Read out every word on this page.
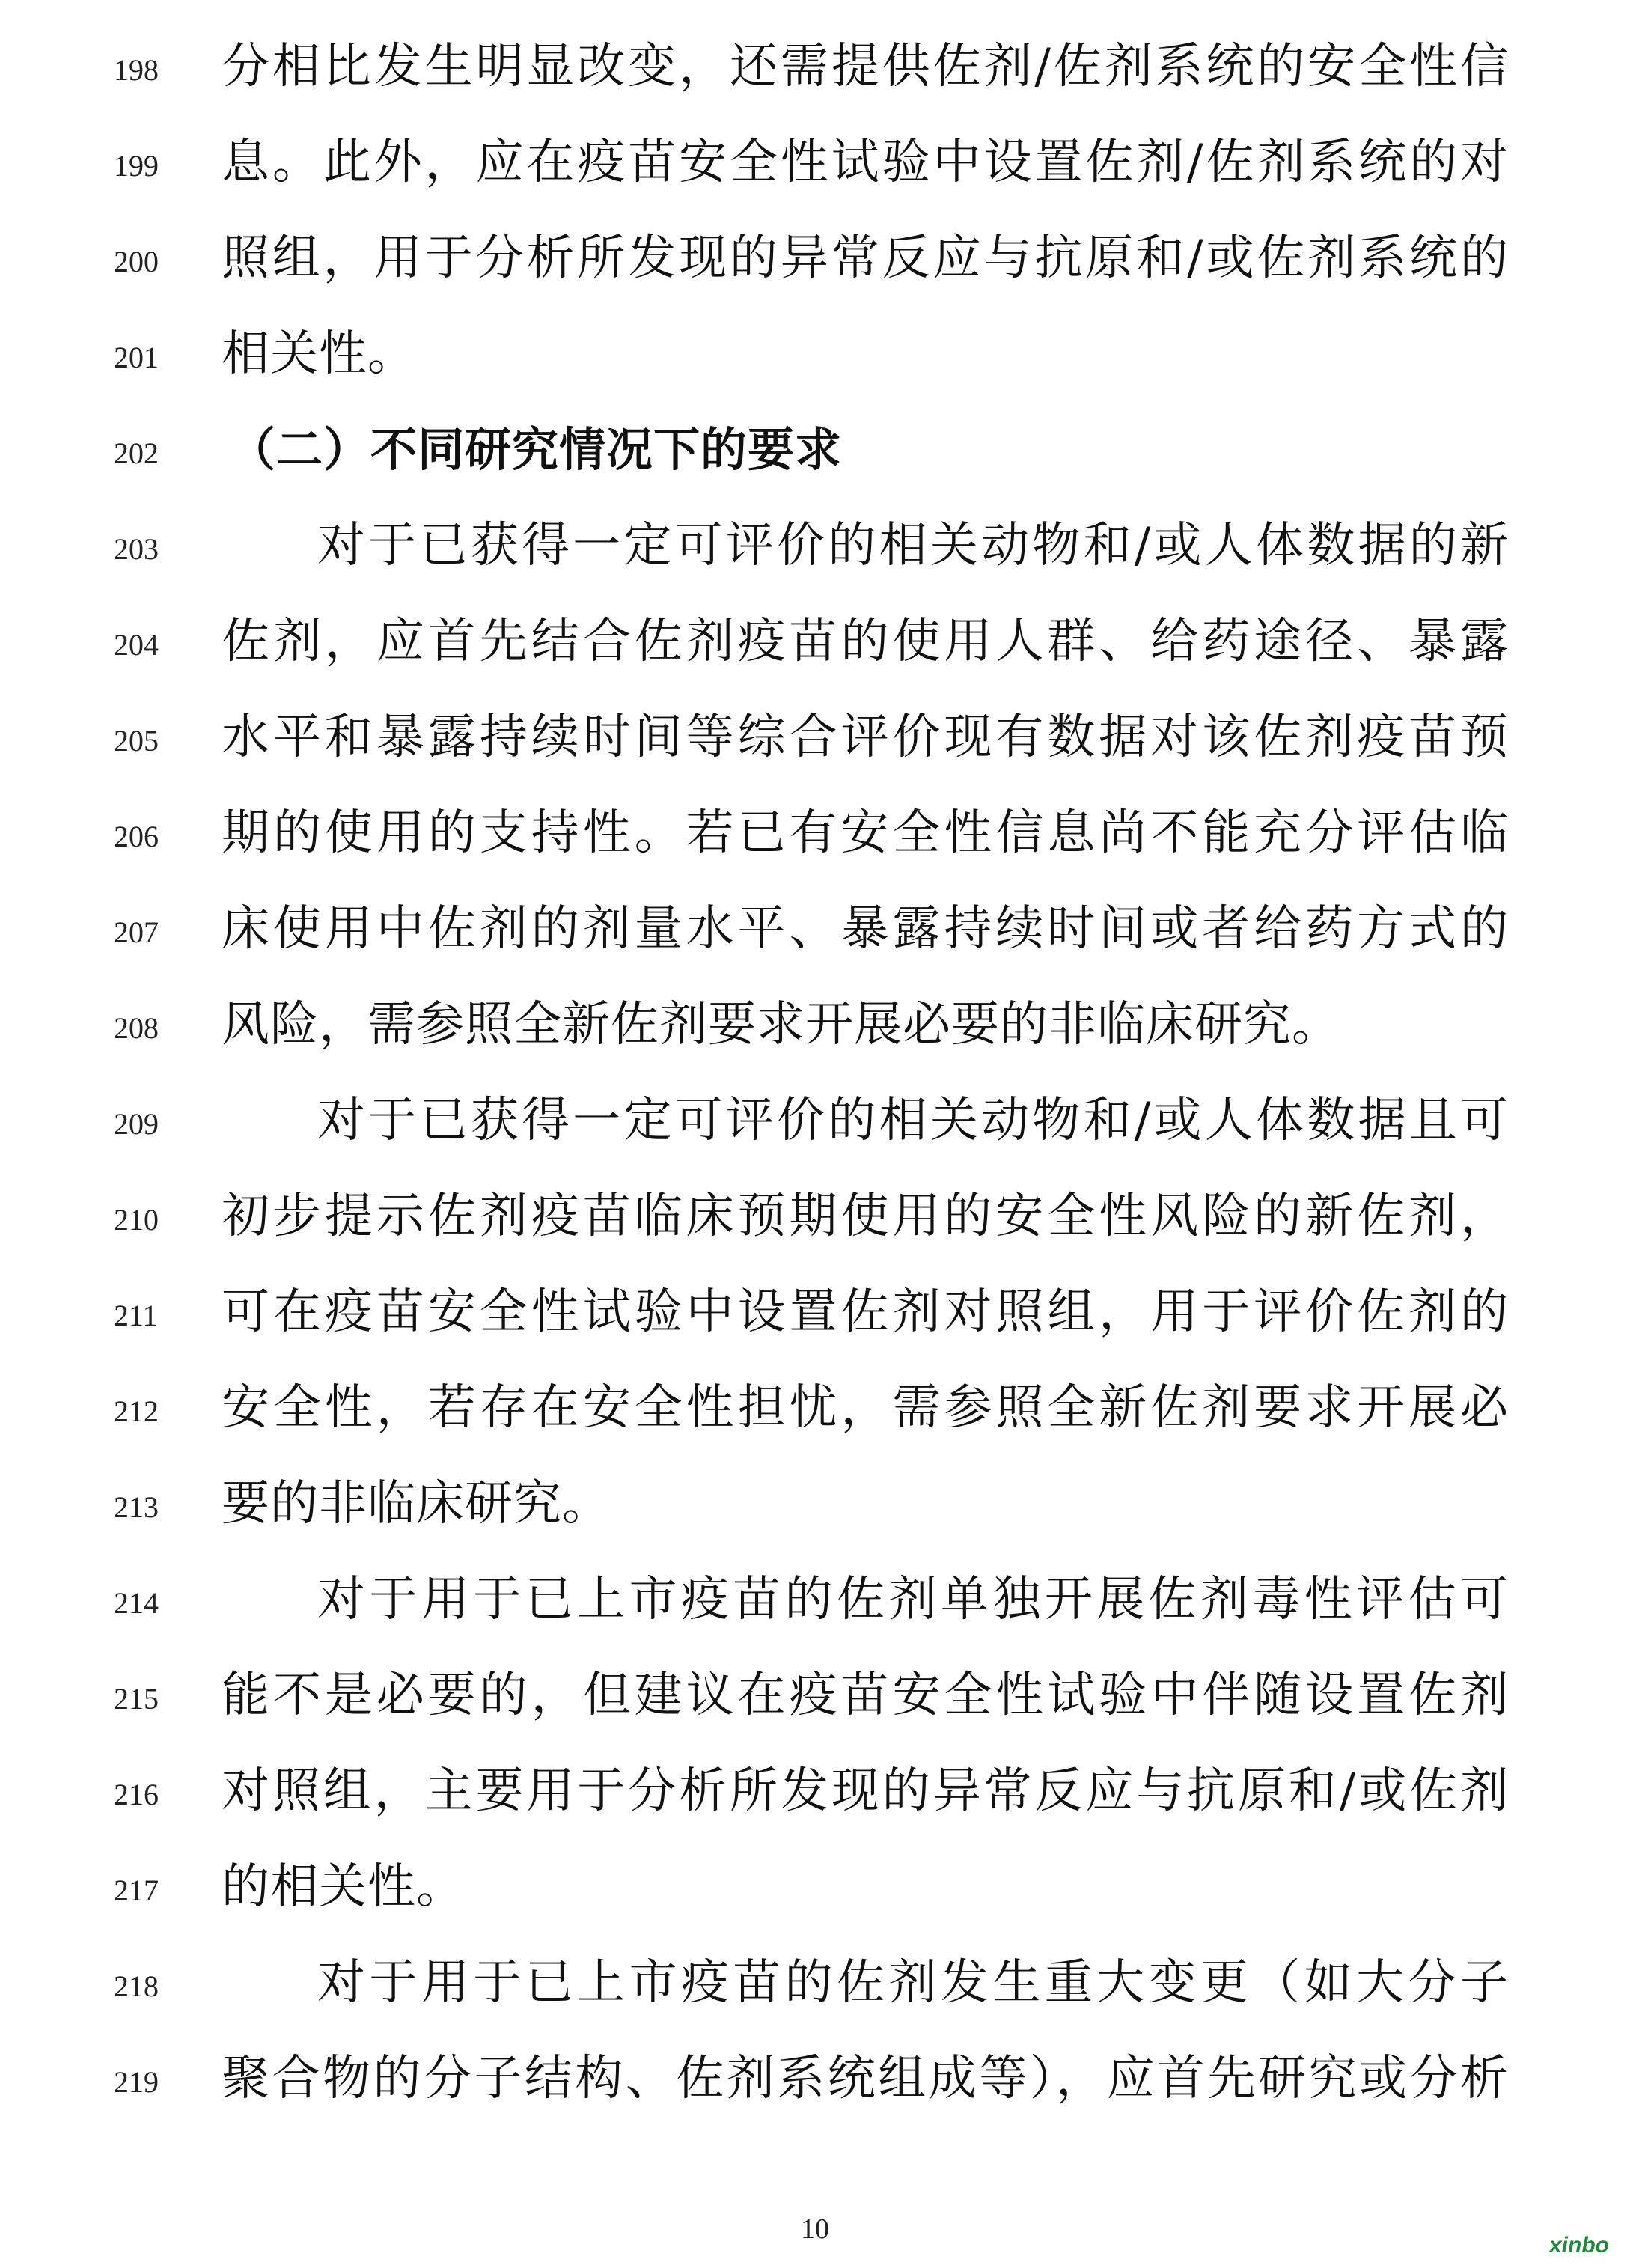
198 分相比发生明显改变，还需提供佐剂/佐剂系统的安全性信
199 息。此外，应在疫苗安全性试验中设置佐剂/佐剂系统的对
200 照组，用于分析所发现的异常反应与抗原和/或佐剂系统的
201 相关性。
202 （二）不同研究情况下的要求
203	对于已获得一定可评价的相关动物和/或人体数据的新
204 佐剂，应首先结合佐剂疫苗的使用人群、给药途径、暴露
205 水平和暴露持续时间等综合评价现有数据对该佐剂疫苗预
206 期的使用的支持性。若已有安全性信息尚不能充分评估临
207 床使用中佐剂的剂量水平、暴露持续时间或者给药方式的
208 风险，需参照全新佐剂要求开展必要的非临床研究。
209	对于已获得一定可评价的相关动物和/或人体数据且可
210 初步提示佐剂疫苗临床预期使用的安全性风险的新佐剂，
211 可在疫苗安全性试验中设置佐剂对照组，用于评价佐剂的
212 安全性，若存在安全性担忧，需参照全新佐剂要求开展必
213 要的非临床研究。
214	对于用于已上市疫苗的佐剂单独开展佐剂毒性评估可
215 能不是必要的，但建议在疫苗安全性试验中伴随设置佐剂
216 对照组，主要用于分析所发现的异常反应与抗原和/或佐剂
217 的相关性。
218	对于用于已上市疫苗的佐剂发生重大变更（如大分子
219 聚合物的分子结构、佐剂系统组成等），应首先研究或分析
10
xinbo
